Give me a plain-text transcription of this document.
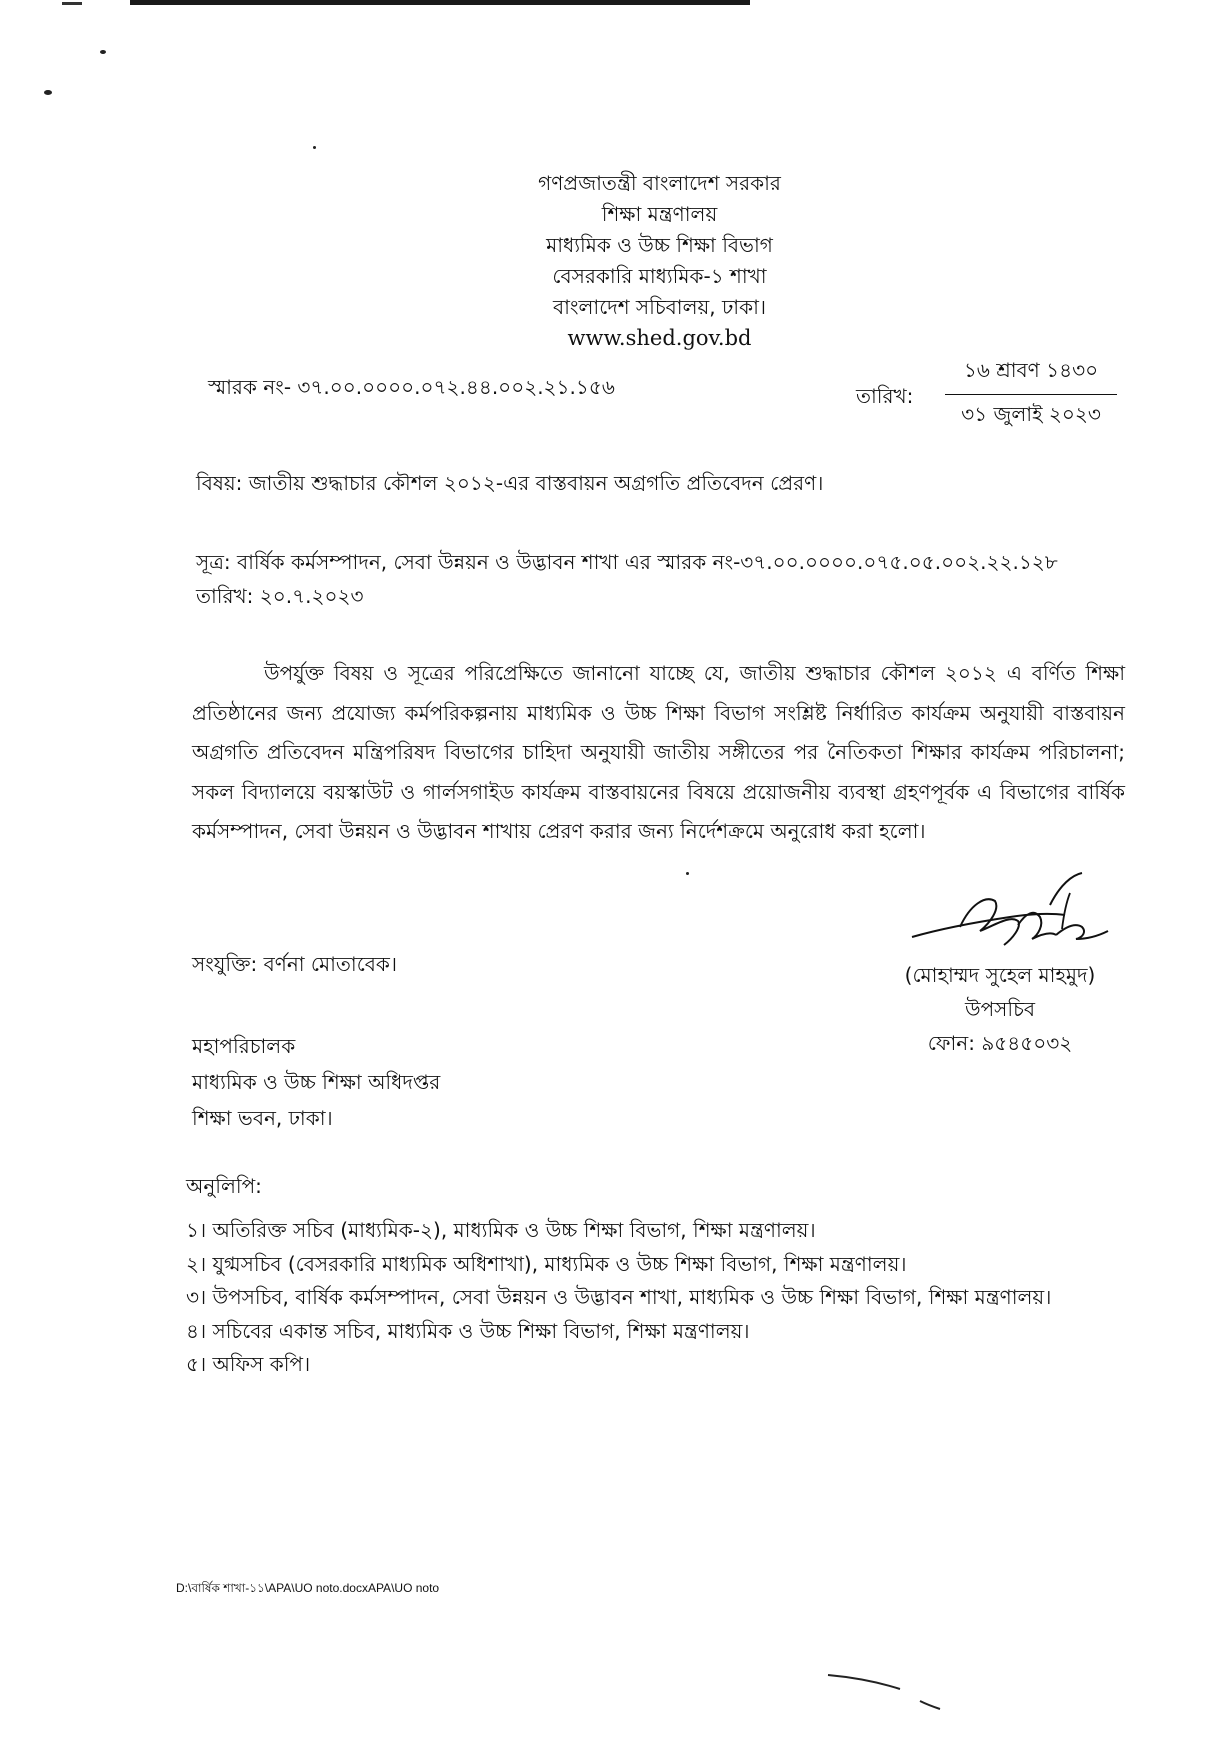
গণপ্রজাতন্ত্রী বাংলাদেশ সরকার
শিক্ষা মন্ত্রণালয়
মাধ্যমিক ও উচ্চ শিক্ষা বিভাগ
বেসরকারি মাধ্যমিক-১ শাখা
বাংলাদেশ সচিবালয়, ঢাকা।
www.shed.gov.bd
স্মারক নং- ৩৭.০০.০০০০.০৭২.৪৪.০০২.২১.১৫৬	তারিখ:
১৬ শ্রাবণ ১৪৩০
৩১ জুলাই ২০২৩
বিষয়: জাতীয় শুদ্ধাচার কৌশল ২০১২-এর বাস্তবায়ন অগ্রগতি প্রতিবেদন প্রেরণ।
সূত্র: বার্ষিক কর্মসম্পাদন, সেবা উন্নয়ন ও উদ্ভাবন শাখা এর স্মারক নং-৩৭.০০.০০০০.০৭৫.০৫.০০২.২২.১২৮
তারিখ: ২০.৭.২০২৩
উপর্যুক্ত বিষয় ও সূত্রের পরিপ্রেক্ষিতে জানানো যাচ্ছে যে, জাতীয় শুদ্ধাচার কৌশল ২০১২ এ বর্ণিত শিক্ষা প্রতিষ্ঠানের জন্য প্রযোজ্য কর্মপরিকল্পনায় মাধ্যমিক ও উচ্চ শিক্ষা বিভাগ সংশ্লিষ্ট নির্ধারিত কার্যক্রম অনুযায়ী বাস্তবায়ন অগ্রগতি প্রতিবেদন মন্ত্রিপরিষদ বিভাগের চাহিদা অনুযায়ী জাতীয় সঙ্গীতের পর নৈতিকতা শিক্ষার কার্যক্রম পরিচালনা; সকল বিদ্যালয়ে বয়স্কাউট ও গার্লসগাইড কার্যক্রম বাস্তবায়নের বিষয়ে প্রয়োজনীয় ব্যবস্থা গ্রহণপূর্বক এ বিভাগের বার্ষিক কর্মসম্পাদন, সেবা উন্নয়ন ও উদ্ভাবন শাখায় প্রেরণ করার জন্য নির্দেশক্রমে অনুরোধ করা হলো।
সংযুক্তি: বর্ণনা মোতাবেক।	(মোহাম্মদ সুহেল মাহমুদ)
উপসচিব
ফোন: ৯৫৪৫০৩২
মহাপরিচালক
মাধ্যমিক ও উচ্চ শিক্ষা অধিদপ্তর
শিক্ষা ভবন, ঢাকা।
অনুলিপি:
১। অতিরিক্ত সচিব (মাধ্যমিক-২), মাধ্যমিক ও উচ্চ শিক্ষা বিভাগ, শিক্ষা মন্ত্রণালয়।
২। যুগ্মসচিব (বেসরকারি মাধ্যমিক অধিশাখা), মাধ্যমিক ও উচ্চ শিক্ষা বিভাগ, শিক্ষা মন্ত্রণালয়।
৩। উপসচিব, বার্ষিক কর্মসম্পাদন, সেবা উন্নয়ন ও উদ্ভাবন শাখা, মাধ্যমিক ও উচ্চ শিক্ষা বিভাগ, শিক্ষা মন্ত্রণালয়।
৪। সচিবের একান্ত সচিব, মাধ্যমিক ও উচ্চ শিক্ষা বিভাগ, শিক্ষা মন্ত্রণালয়।
৫। অফিস কপি।
D:\বার্ষিক শাখা-১১\APA\UO noto.docxAPA\UO noto
